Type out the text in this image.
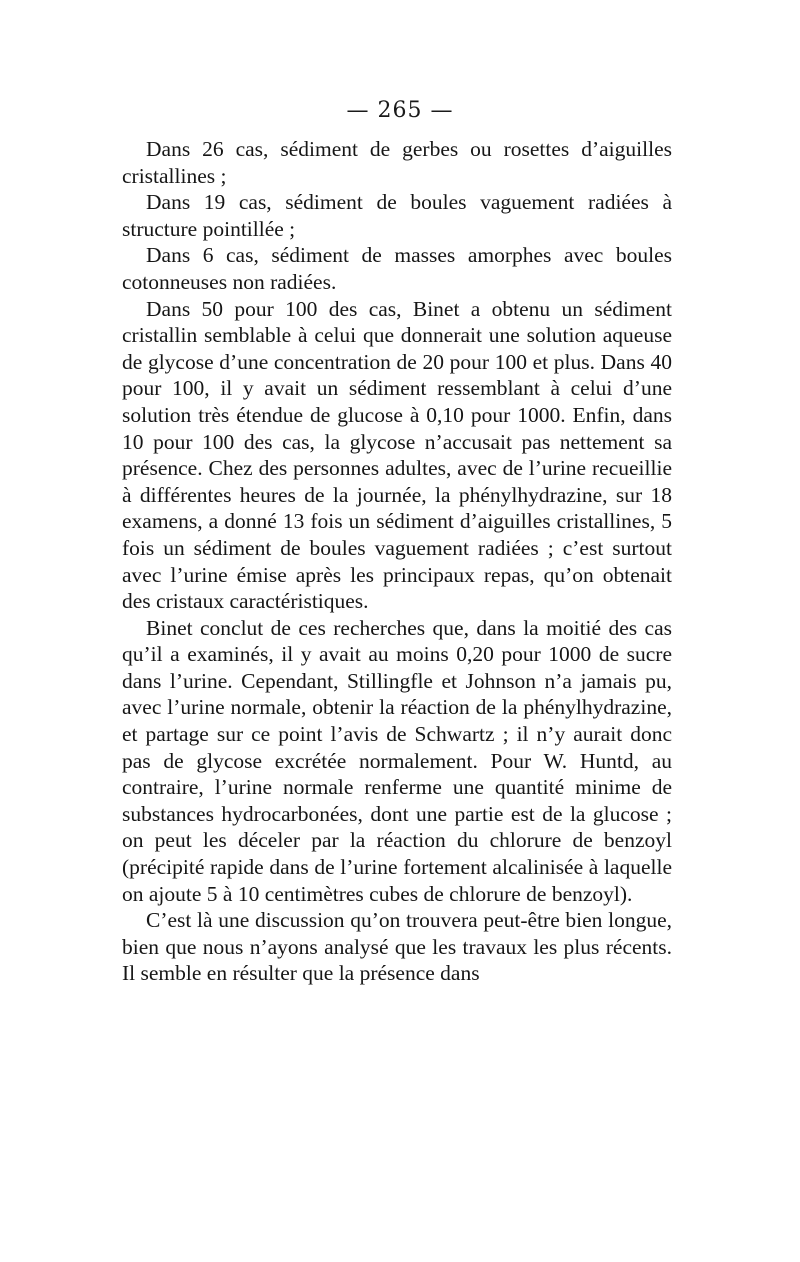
— 265 —

Dans 26 cas, sédiment de gerbes ou rosettes d’aiguilles cristallines ;

Dans 19 cas, sédiment de boules vaguement radiées à structure pointillée ;

Dans 6 cas, sédiment de masses amorphes avec boules cotonneuses non radiées.

Dans 50 pour 100 des cas, Binet a obtenu un sédiment cristallin semblable à celui que donnerait une solution aqueuse de glycose d’une concentration de 20 pour 100 et plus. Dans 40 pour 100, il y avait un sédiment ressemblant à celui d’une solution très étendue de glucose à 0,10 pour 1000. Enfin, dans 10 pour 100 des cas, la glycose n’accusait pas nettement sa présence. Chez des personnes adultes, avec de l’urine recueillie à différentes heures de la journée, la phénylhydrazine, sur 18 examens, a donné 13 fois un sédiment d’aiguilles cristallines, 5 fois un sédiment de boules vaguement radiées ; c’est surtout avec l’urine émise après les principaux repas, qu’on obtenait des cristaux caractéristiques.

Binet conclut de ces recherches que, dans la moitié des cas qu’il a examinés, il y avait au moins 0,20 pour 1000 de sucre dans l’urine. Cependant, Stillingfle et Johnson n’a jamais pu, avec l’urine normale, obtenir la réaction de la phénylhydrazine, et partage sur ce point l’avis de Schwartz ; il n’y aurait donc pas de glycose excrétée normalement. Pour W. Huntd, au contraire, l’urine normale renferme une quantité minime de substances hydrocarbonées, dont une partie est de la glucose ; on peut les déceler par la réaction du chlorure de benzoyl (précipité rapide dans de l’urine fortement alcalinisée à laquelle on ajoute 5 à 10 centimètres cubes de chlorure de benzoyl).

C’est là une discussion qu’on trouvera peut-être bien longue, bien que nous n’ayons analysé que les travaux les plus récents. Il semble en résulter que la présence dans
